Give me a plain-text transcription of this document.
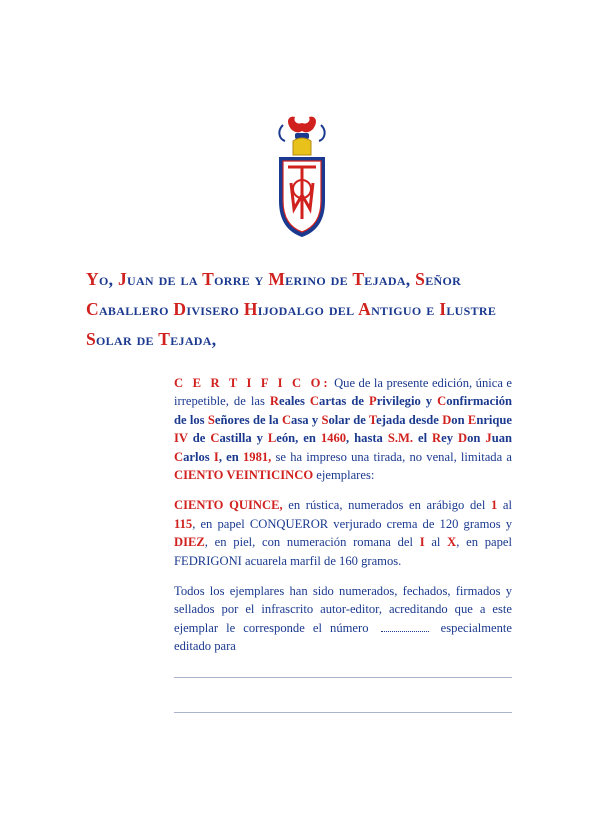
Yo, Juan de la Torre y Merino de Tejada, Señor Caballero Divisero Hijodalgo del Antiguo e Ilustre Solar de Tejada,

C E R T I F I C O: Que de la presente edición, única e irrepetible, de las Reales Cartas de Privilegio y Confirmación de los Señores de la Casa y Solar de Tejada desde Don Enrique IV de Castilla y León, en 1460, hasta S.M. el Rey Don Juan Carlos I, en 1981, se ha impreso una tirada, no venal, limitada a CIENTO VEINTICINCO ejemplares:

CIENTO QUINCE, en rústica, numerados en arábigo del 1 al 115, en papel CONQUEROR verjurado crema de 120 gramos y DIEZ, en piel, con numeración romana del I al X, en papel FEDRIGONI acuarela marfil de 160 gramos.

Todos los ejemplares han sido numerados, fechados, firmados y sellados por el infrascrito autor-editor, acreditando que a este ejemplar le corresponde el número	especialmente editado para
